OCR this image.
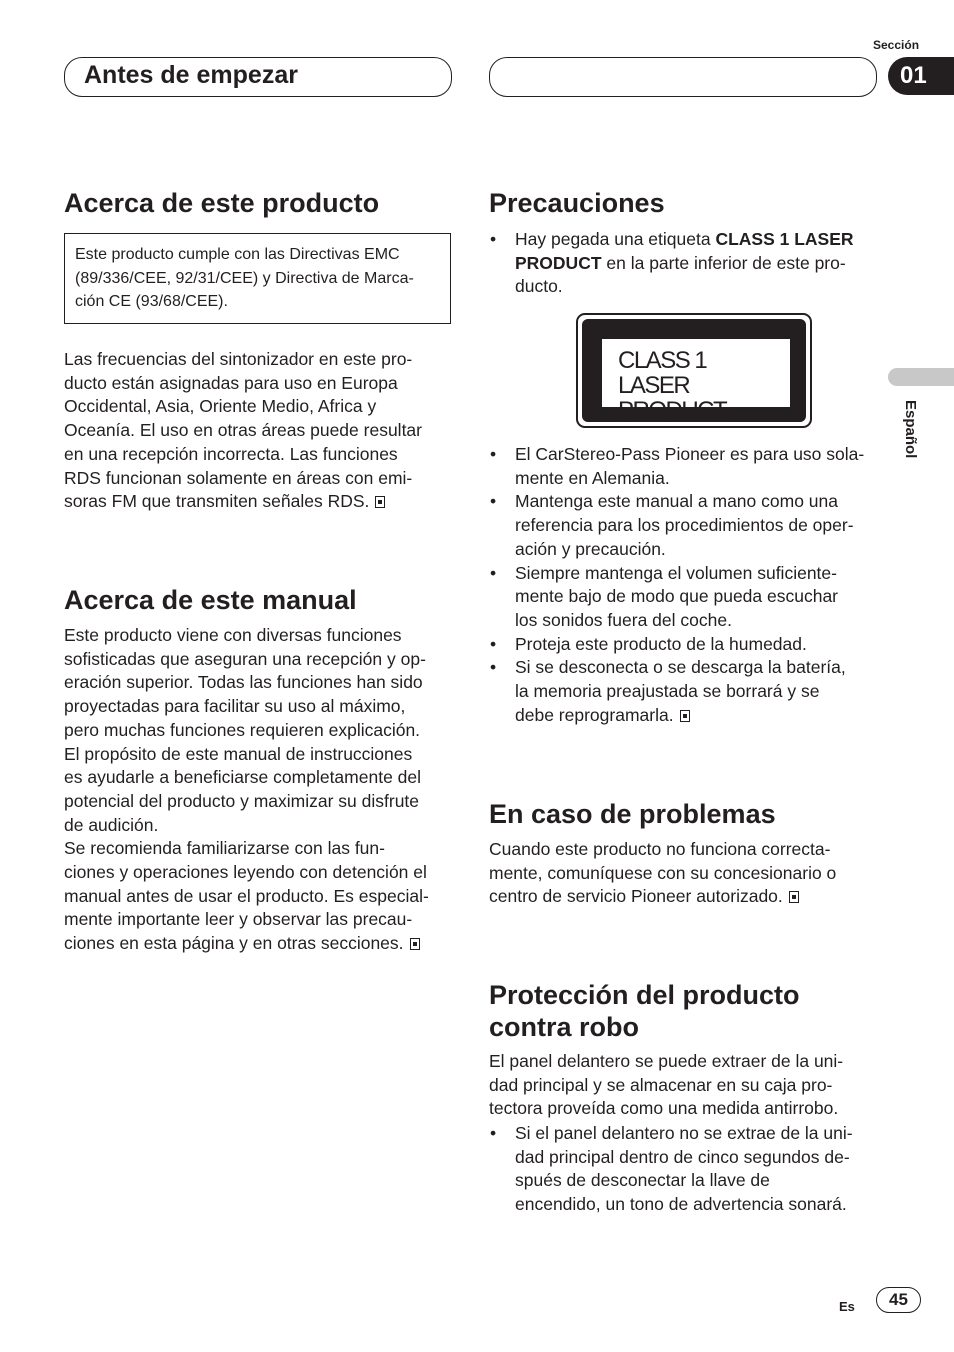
Antes de empezar
Sección
01
Español
Acerca de este producto
Este producto cumple con las Directivas EMC
(89/336/CEE, 92/31/CEE) y Directiva de Marca-
ción CE (93/68/CEE).
Las frecuencias del sintonizador en este pro-
ducto están asignadas para uso en Europa
Occidental, Asia, Oriente Medio, Africa y
Oceanía. El uso en otras áreas puede resultar
en una recepción incorrecta. Las funciones
RDS funcionan solamente en áreas con emi-
soras FM que transmiten señales RDS.
Acerca de este manual
Este producto viene con diversas funciones
sofisticadas que aseguran una recepción y op-
eración superior. Todas las funciones han sido
proyectadas para facilitar su uso al máximo,
pero muchas funciones requieren explicación.
El propósito de este manual de instrucciones
es ayudarle a beneficiarse completamente del
potencial del producto y maximizar su disfrute
de audición.
Se recomienda familiarizarse con las fun-
ciones y operaciones leyendo con detención el
manual antes de usar el producto. Es especial-
mente importante leer y observar las precau-
ciones en esta página y en otras secciones.
Precauciones
• Hay pegada una etiqueta CLASS 1 LASER
PRODUCT en la parte inferior de este pro-
ducto.
CLASS 1
LASER PRODUCT
• El CarStereo-Pass Pioneer es para uso sola-
mente en Alemania.
• Mantenga este manual a mano como una
referencia para los procedimientos de oper-
ación y precaución.
• Siempre mantenga el volumen suficiente-
mente bajo de modo que pueda escuchar
los sonidos fuera del coche.
• Proteja este producto de la humedad.
• Si se desconecta o se descarga la batería,
la memoria preajustada se borrará y se
debe reprogramarla.
En caso de problemas
Cuando este producto no funciona correcta-
mente, comuníquese con su concesionario o
centro de servicio Pioneer autorizado.
Protección del producto
contra robo
El panel delantero se puede extraer de la uni-
dad principal y se almacenar en su caja pro-
tectora proveída como una medida antirrobo.
• Si el panel delantero no se extrae de la uni-
dad principal dentro de cinco segundos de-
spués de desconectar la llave de
encendido, un tono de advertencia sonará.
Es	45
